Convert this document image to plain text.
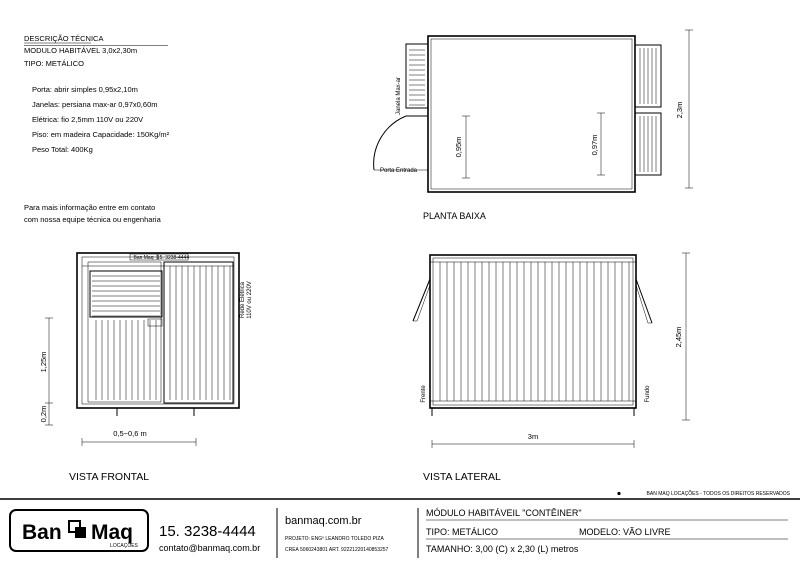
DESCRIÇÃO TÉCNICA
MODULO HABITÁVEL 3,0x2,30m
TIPO: METÁLICO
Porta: abrir simples 0,95x2,10m
Janelas: persiana max-ar 0,97x0,60m
Elétrica: fio 2,5mm 110V ou 220V
Piso: em madeira Capacidade: 150Kg/m²
Peso Total: 400Kg
Para mais informação entre em contato
com nossa equipe técnica ou engenharia
Janela Max-ar
Porta Entrada
0,95m	0,97m
2,3m
PLANTA BAIXA
Ban Maq 15. 3238-4444
Rede Elétrica 110V ou 220V
1,25m
0,2m
0,5~0,6 m
VISTA FRONTAL
Frente	Fundo
2,45m
3m
VISTA LATERAL
BAN MAQ LOCAÇÕES - TODOS OS DIREITOS RESERVADOS
Ban Maq
LOCAÇÕES
15. 3238-4444
contato@banmaq.com.br
banmaq.com.br
PROJETO: ENGº LEANDRO TOLEDO PIZA
CREA 5060243801 ART. 92221220140853257
MÓDULO HABITÁVEIL "CONTÊINER"
TIPO: METÁLICO	MODELO: VÃO LIVRE
TAMANHO: 3,00 (C) x 2,30 (L) metros
